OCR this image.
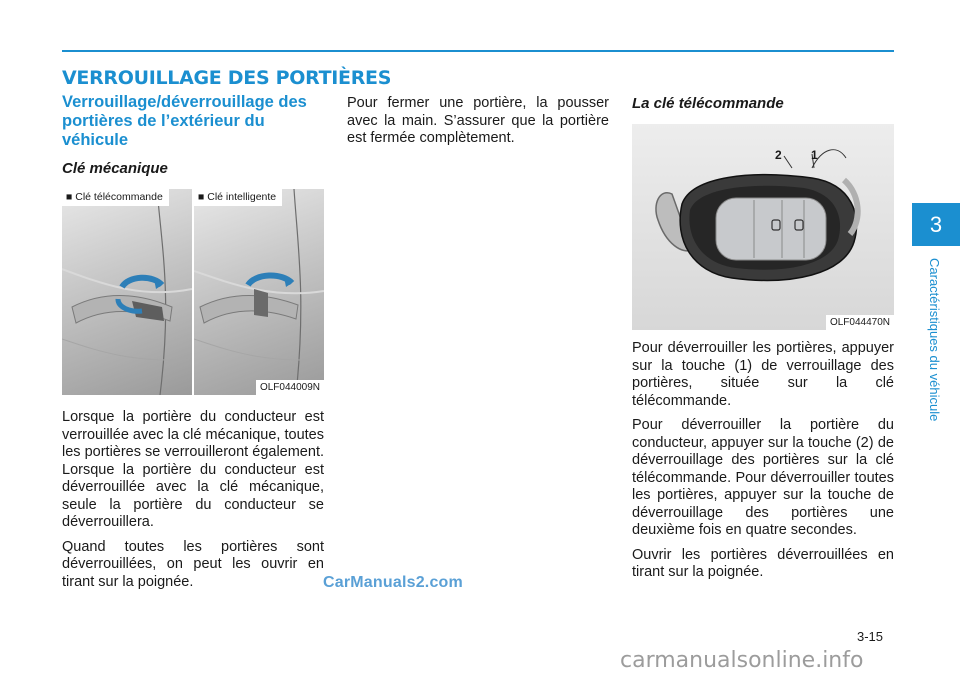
VERROUILLAGE DES PORTIÈRES
3
Caractéristiques du véhicule
Verrouillage/déverrouillage des portières de l’extérieur du véhicule
Clé mécanique
■ Clé télécommande	■ Clé intelligente
OLF044009N

Lorsque la portière du conducteur est verrouillée avec la clé mécanique, toutes les portières se verrouilleront également. Lorsque la portière du conducteur est déverrouillée avec la clé mécanique, seule la portière du conducteur se déverrouillera.

Quand toutes les portières sont déverrouillées, on peut les ouvrir en tirant sur la poignée.

Pour fermer une portière, la pousser avec la main. S’assurer que la portière est fermée complètement.

La clé télécommande
2 1
OLF044470N

Pour déverrouiller les portières, appuyer sur la touche (1) de verrouillage des portières, située sur la clé télécommande.

Pour déverrouiller la portière du conducteur, appuyer sur la touche (2) de déverrouillage des portières sur la clé télécommande. Pour déverrouiller toutes les portières, appuyer sur la touche de déverrouillage des portières une deuxième fois en quatre secondes.

Ouvrir les portières déverrouillées en tirant sur la poignée.

3-15
CarManuals2.com
carmanualsonline.info
